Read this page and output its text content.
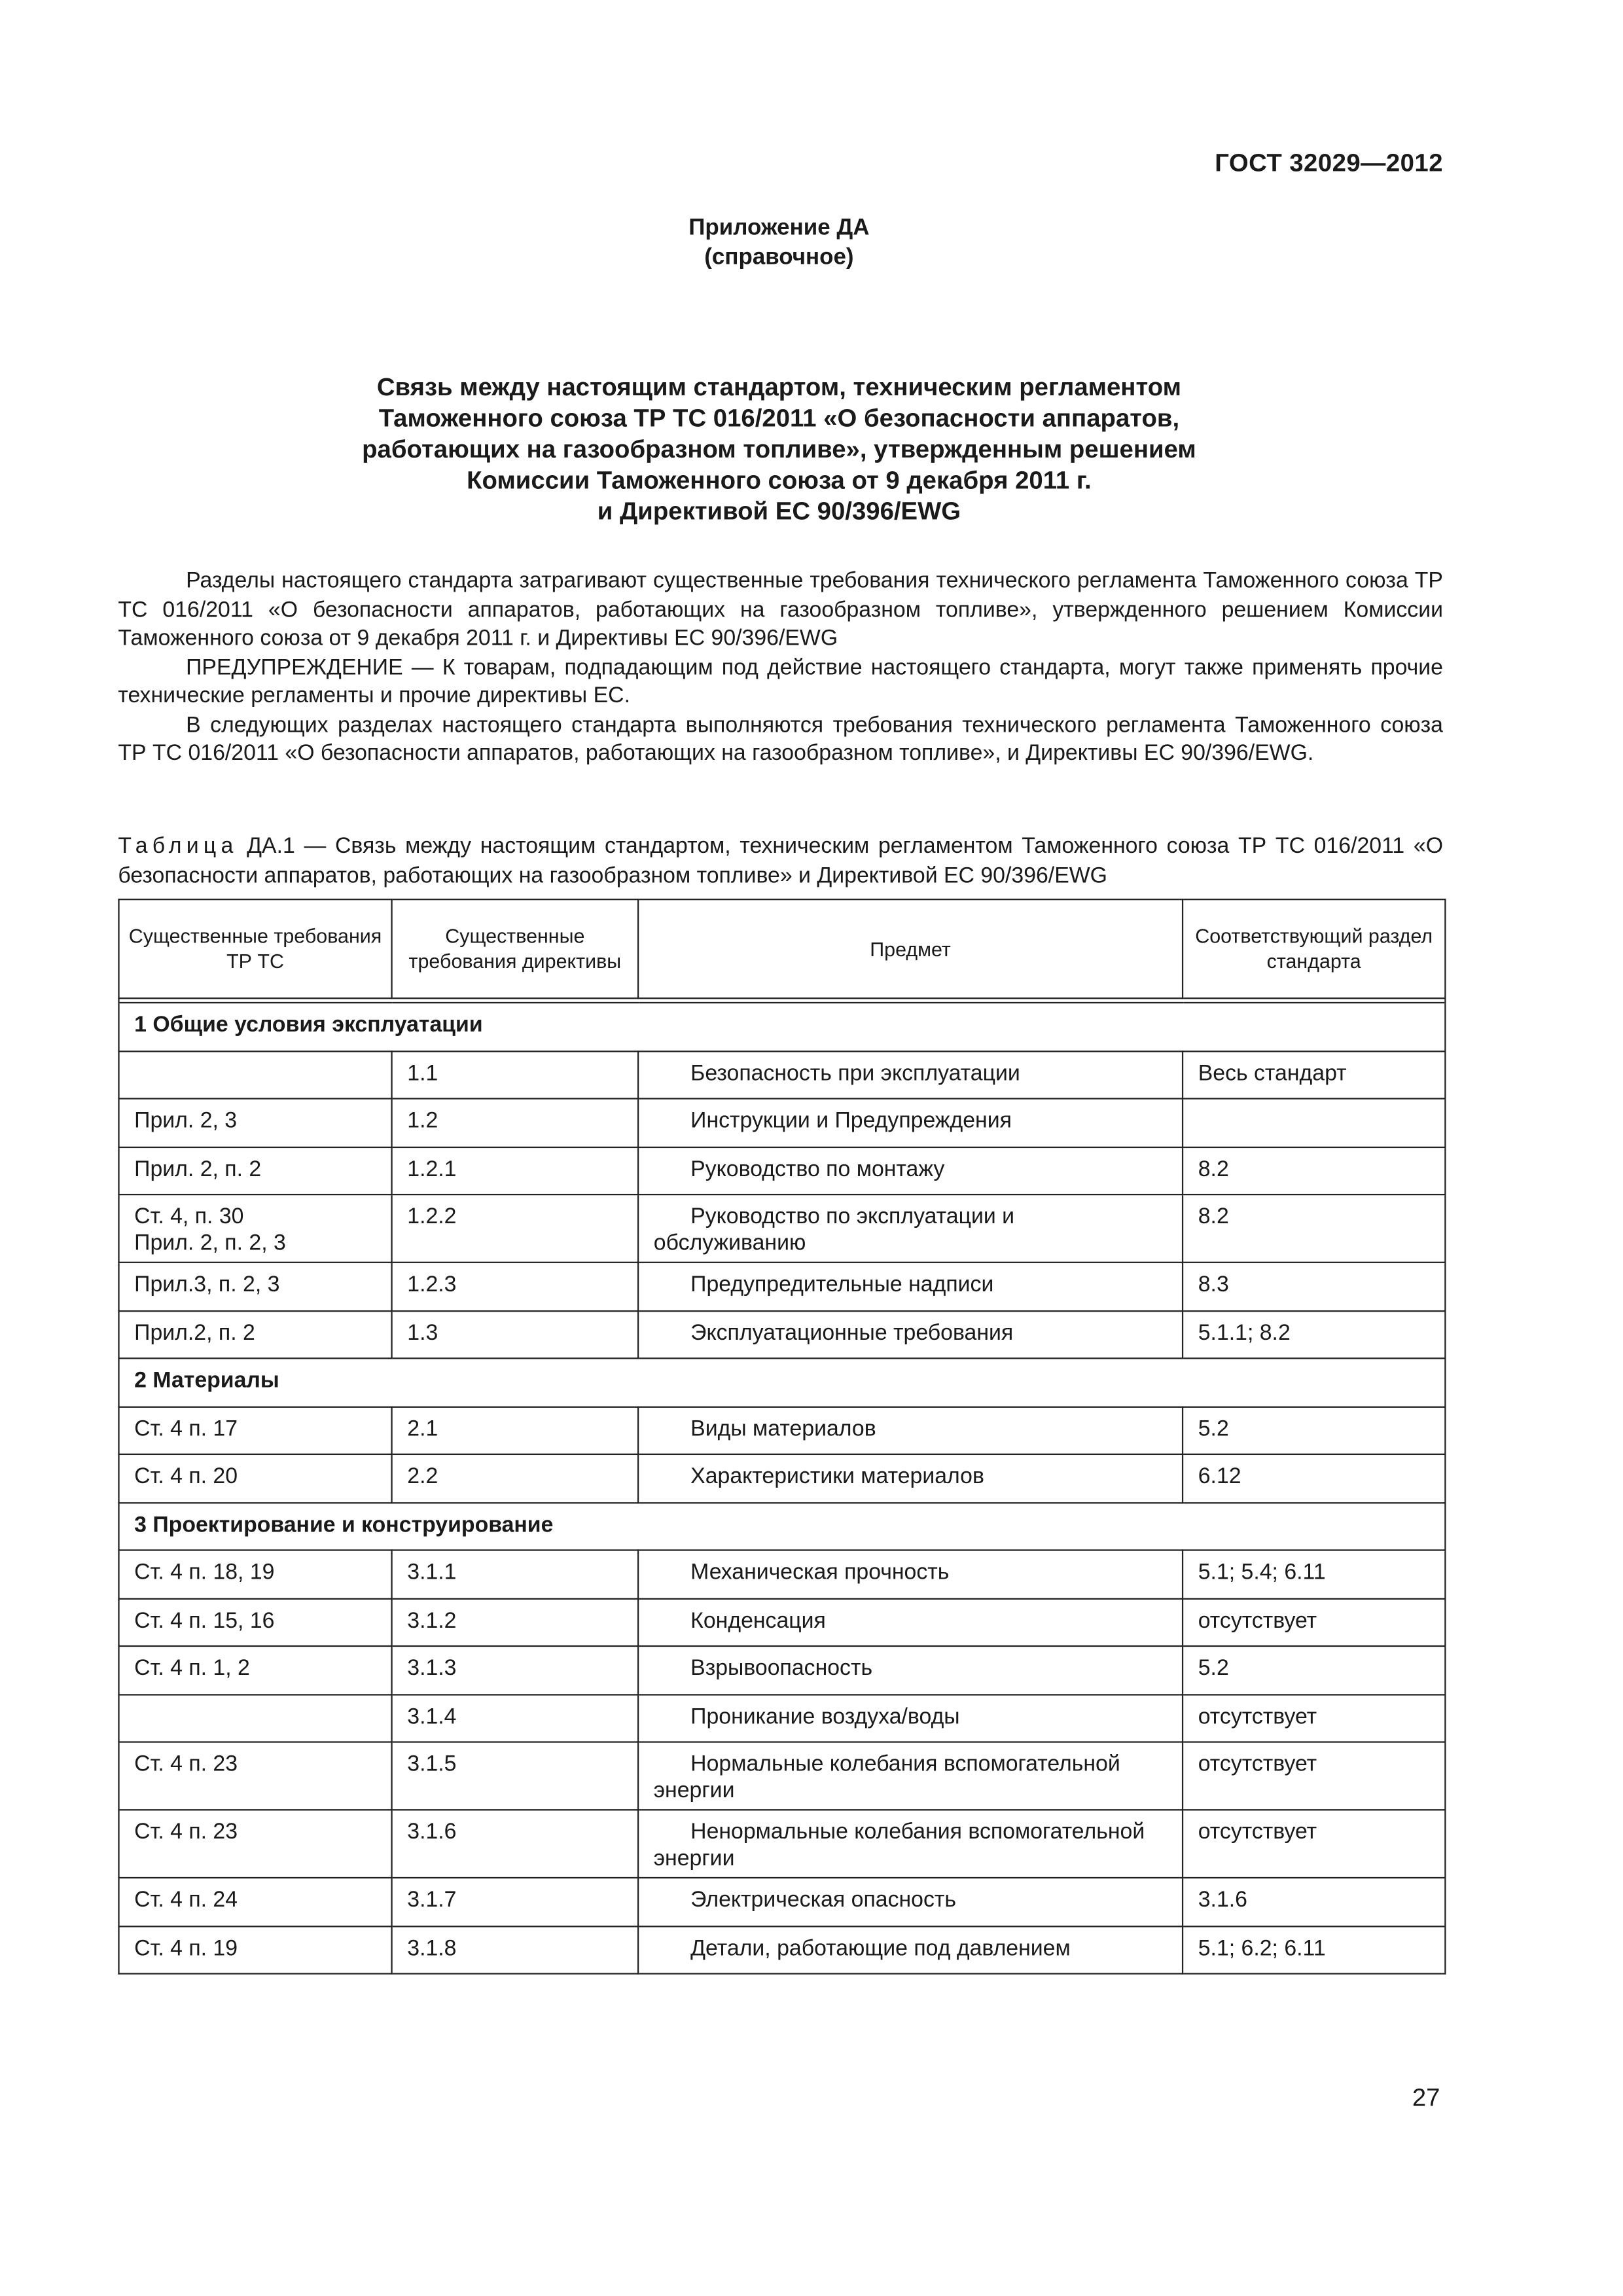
ГОСТ 32029—2012
Приложение ДА
(справочное)
Связь между настоящим стандартом, техническим регламентом
Таможенного союза ТР ТС 016/2011 «О безопасности аппаратов,
работающих на газообразном топливе», утвержденным решением
Комиссии Таможенного союза от 9 декабря 2011 г.
и Директивой ЕС 90/396/EWG

Разделы настоящего стандарта затрагивают существенные требования технического регламента Таможенного союза ТР ТС 016/2011 «О безопасности аппаратов, работающих на газообразном топливе», утвержденного решением Комиссии Таможенного союза от 9 декабря 2011 г. и Директивы ЕС 90/396/EWG

ПРЕДУПРЕЖДЕНИЕ — К товарам, подпадающим под действие настоящего стандарта, могут также применять прочие технические регламенты и прочие директивы ЕС.

В следующих разделах настоящего стандарта выполняются требования технического регламента Таможенного союза ТР ТС 016/2011 «О безопасности аппаратов, работающих на газообразном топливе», и Директивы ЕС 90/396/EWG.

Таблица ДА.1 — Связь между настоящим стандартом, техническим регламентом Таможенного союза ТР ТС 016/2011 «О безопасности аппаратов, работающих на газообразном топливе» и Директивой ЕС 90/396/EWG
Существенные требования ТР ТС	Существенные требования директивы	Предмет	Соответствующий раздел стандарта

1 Общие условия эксплуатации			
	1.1	Безопасность при эксплуатации	Весь стандарт
Прил. 2, 3	1.2	Инструкции и Предупреждения	
Прил. 2, п. 2	1.2.1	Руководство по монтажу	8.2
Ст. 4, п. 30
Прил. 2, п. 2, 3	1.2.2	Руководство по эксплуатации и обслуживанию	8.2
Прил.3, п. 2, 3	1.2.3	Предупредительные надписи	8.3
Прил.2, п. 2	1.3	Эксплуатационные требования	5.1.1; 8.2
2 Материалы			
Ст. 4 п. 17	2.1	Виды материалов	5.2
Ст. 4 п. 20	2.2	Характеристики материалов	6.12
3 Проектирование и конструирование			
Ст. 4 п. 18, 19	3.1.1	Механическая прочность	5.1; 5.4; 6.11
Ст. 4 п. 15, 16	3.1.2	Конденсация	отсутствует
Ст. 4 п. 1, 2	3.1.3	Взрывоопасность	5.2
	3.1.4	Проникание воздуха/воды	отсутствует
Ст. 4 п. 23	3.1.5	Нормальные колебания вспомогательной энергии	отсутствует
Ст. 4 п. 23	3.1.6	Ненормальные колебания вспомогательной энергии	отсутствует
Ст. 4 п. 24	3.1.7	Электрическая опасность	3.1.6
Ст. 4 п. 19	3.1.8	Детали, работающие под давлением	5.1; 6.2; 6.11
27
